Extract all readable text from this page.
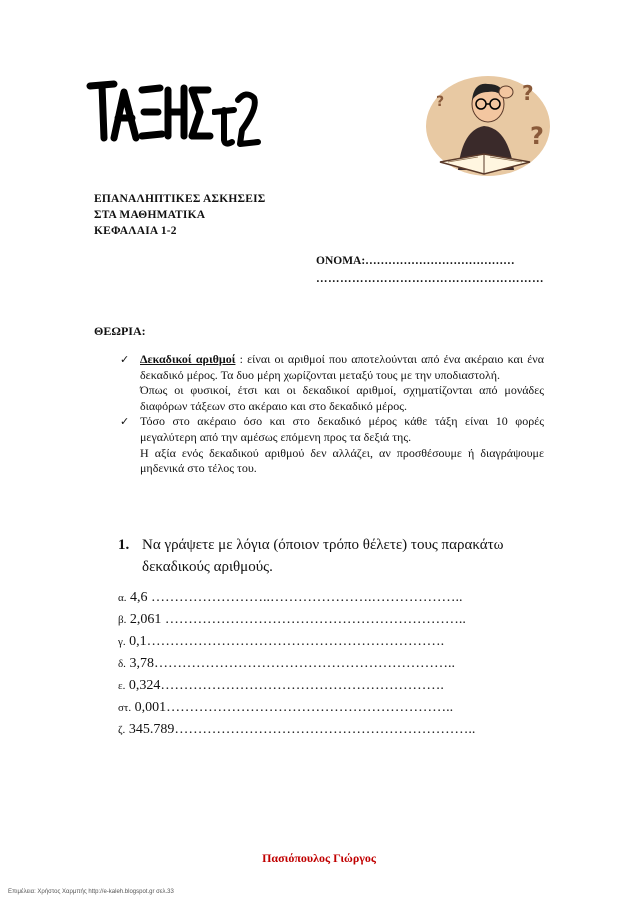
?
?
?
ΕΠΑΝΑΛΗΠΤΙΚΕΣ ΑΣΚΗΣΕΙΣ
ΣΤΑ ΜΑΘΗΜΑΤΙΚΑ
ΚΕΦΑΛΑΙΑ 1-2
ΟΝΟΜΑ:…………………………………
…………………………………………………
ΘΕΩΡΙΑ:
✓ Δεκαδικοί αριθμοί : είναι οι αριθμοί που αποτελούνται από ένα ακέραιο και ένα δεκαδικό μέρος. Τα δυο μέρη χωρίζονται μεταξύ τους με την υποδιαστολή.

Όπως οι φυσικοί, έτσι και οι δεκαδικοί αριθμοί, σχηματίζονται από μονάδες διαφόρων τάξεων στο ακέραιο και στο δεκαδικό μέρος.

✓ Τόσο στο ακέραιο όσο και στο δεκαδικό μέρος κάθε τάξη είναι 10 φορές μεγαλύτερη από την αμέσως επόμενη προς τα δεξιά της.

Η αξία ενός δεκαδικού αριθμού δεν αλλάζει, αν προσθέσουμε ή διαγράψουμε μηδενικά στο τέλος του.

1. Να γράψετε με λόγια (όποιον τρόπο θέλετε) τους παρακάτω δεκαδικούς αριθμούς.
α. 4,6 ……………………..………………….………………..
β. 2,061 ………………………………………………………..
γ. 0,1……………………………………………………….
δ. 3,78………………………………………………………..
ε. 0,324…………………………………………………….
στ. 0,001……………………………………………………..
ζ. 345.789………………………………………………………..
Πασιόπουλος Γιώργος
Επιμέλεια: Χρήστος Χαρμπής http://e-kaleh.blogspot.gr σελ.33
